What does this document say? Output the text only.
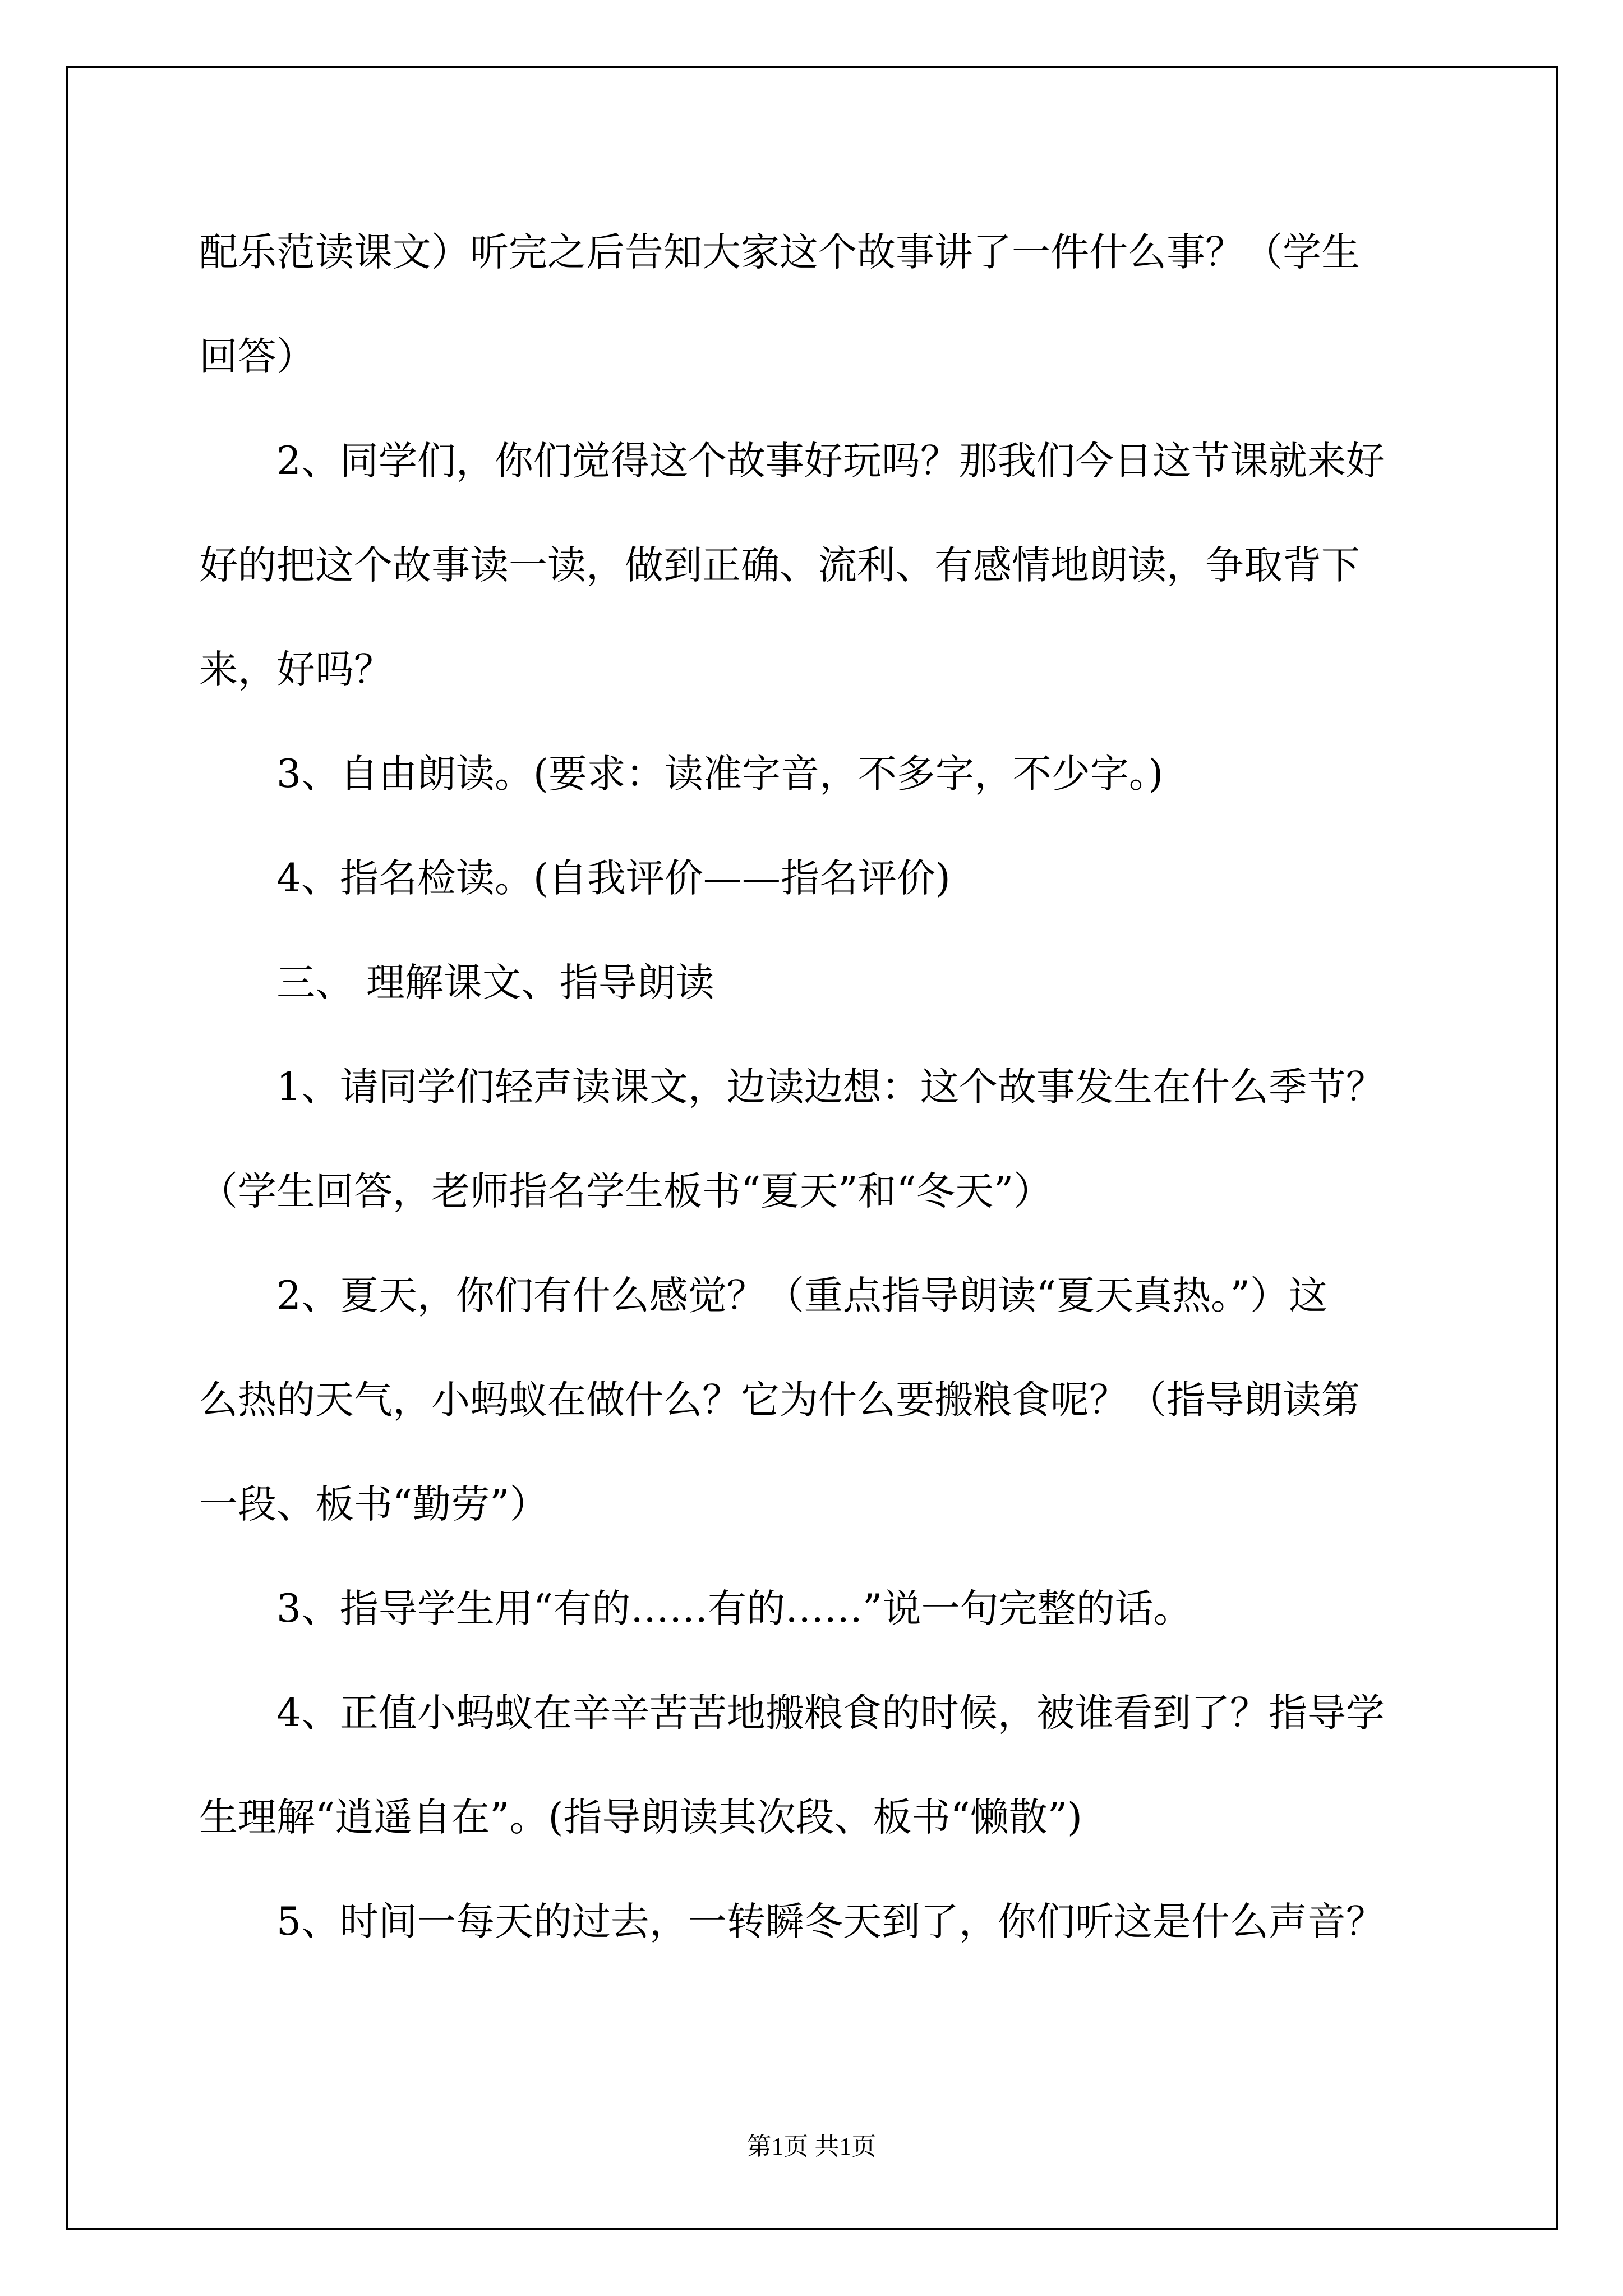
配乐范读课文）听完之后告知大家这个故事讲了一件什么事？（学生
回答）
2、同学们，你们觉得这个故事好玩吗？那我们今日这节课就来好
好的把这个故事读一读，做到正确、流利、有感情地朗读，争取背下
来，好吗？
3、自由朗读。(要求：读准字音，不多字，不少字。)
4、指名检读。(自我评价——指名评价)
三、 理解课文、指导朗读
1、请同学们轻声读课文，边读边想：这个故事发生在什么季节？
（学生回答，老师指名学生板书“夏天”和“冬天”）
2、夏天，你们有什么感觉？（重点指导朗读“夏天真热。”）这
么热的天气，小蚂蚁在做什么？它为什么要搬粮食呢？（指导朗读第
一段、板书“勤劳”）
3、指导学生用“有的……有的……”说一句完整的话。
4、正值小蚂蚁在辛辛苦苦地搬粮食的时候，被谁看到了？指导学
生理解“逍遥自在”。(指导朗读其次段、板书“懒散”)
5、时间一每天的过去，一转瞬冬天到了，你们听这是什么声音？
第1页 共1页
